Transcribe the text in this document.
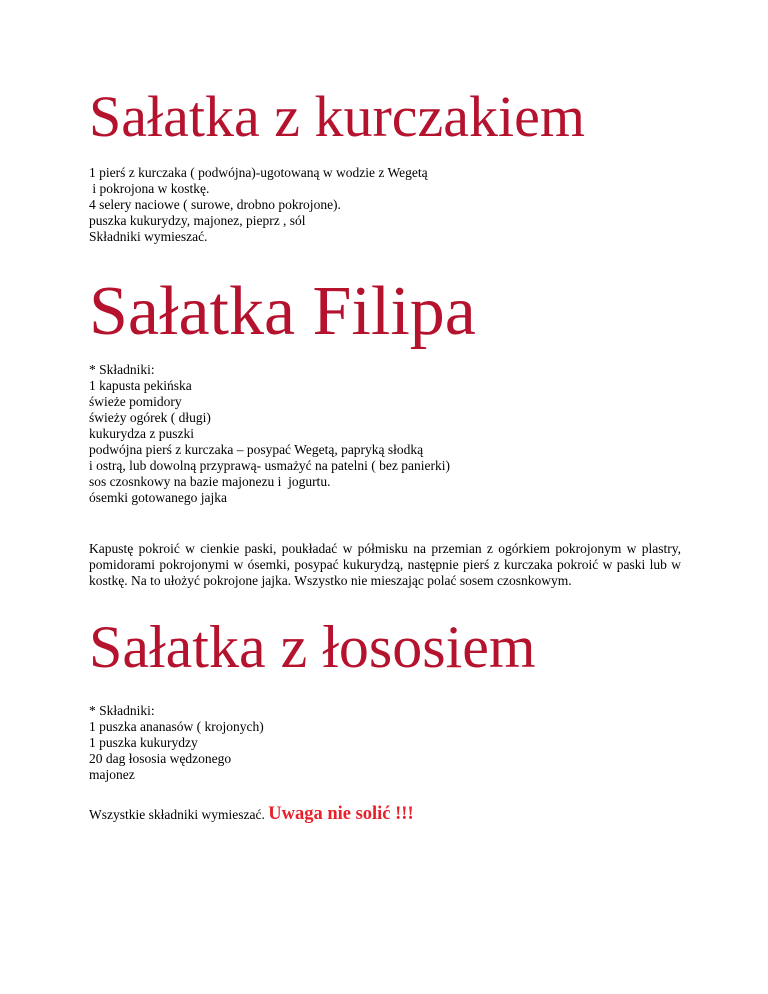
Sałatka z kurczakiem
1 pierś z kurczaka ( podwójna)-ugotowaną w wodzie z Wegetą
i pokrojona w kostkę.
4 selery naciowe ( surowe, drobno pokrojone).
puszka kukurydzy, majonez, pieprz , sól
Składniki wymieszać.
Sałatka Filipa
* Składniki:
1 kapusta pekińska
świeże pomidory
świeży ogórek ( długi)
kukurydza z puszki
podwójna pierś z kurczaka – posypać Wegetą, papryką słodką
i ostrą, lub dowolną przyprawą- usmażyć na patelni ( bez panierki)
sos czosnkowy na bazie majonezu i  jogurtu.
ósemki gotowanego jajka

Kapustę pokroić w cienkie paski, poukładać w półmisku na przemian z ogórkiem pokrojonym w plastry, pomidorami pokrojonymi w ósemki, posypać kukurydzą, następnie pierś z kurczaka pokroić w paski lub w kostkę. Na to ułożyć pokrojone jajka. Wszystko nie mieszając polać sosem czosnkowym.

Sałatka z łososiem
* Składniki:
1 puszka ananasów ( krojonych)
1 puszka kukurydzy
20 dag łososia wędzonego
majonez
Wszystkie składniki wymieszać. Uwaga nie solić !!!
